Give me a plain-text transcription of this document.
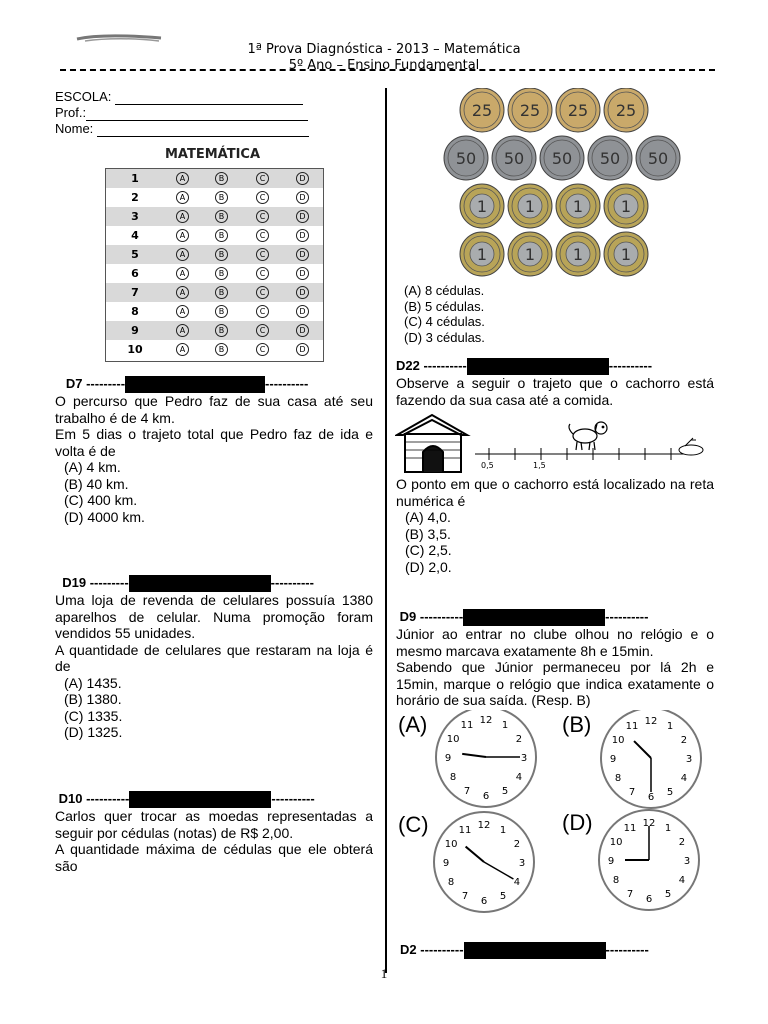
1ª Prova Diagnóstica - 2013 – Matemática
5º Ano – Ensino Fundamental
ESCOLA:
Prof.:
Nome:
MATEMÁTICA
1	A	B	C	D
2	A	B	C	D
3	A	B	C	D
4	A	B	C	D
5	A	B	C	D
6	A	B	C	D
7	A	B	C	D
8	A	B	C	D
9	A	B	C	D
10	A	B	C	D
D7 ---------	----------
O percurso que Pedro faz de sua casa até seu trabalho é de 4 km.
Em 5 dias o trajeto total que Pedro faz de ida e volta é de
(A) 4 km.
(B) 40 km.
(C) 400 km.
(D) 4000 km.
D19 ---------	----------
Uma loja de revenda de celulares possuía 1380 aparelhos de celular. Numa promoção foram vendidos 55 unidades.
A quantidade de celulares que restaram na loja é de
(A) 1435.
(B) 1380.
(C) 1335.
(D) 1325.
D10 ----------	----------
Carlos quer trocar as moedas representadas a seguir por cédulas (notas) de R$ 2,00.
A quantidade máxima de cédulas que ele obterá são
25 25 25 25
50 50 50 50 50
1 1 1 1
1 1 1 1
(A) 8 cédulas.
(B) 5 cédulas.
(C) 4 cédulas.
(D) 3 cédulas.
D22 ----------	----------
Observe a seguir o trajeto que o cachorro está fazendo da sua casa até a comida.
0,5	1,5
O ponto em que o cachorro está localizado na reta numérica é
(A) 4,0.
(B) 3,5.
(C) 2,5.
(D) 2,0.
D9 ----------	----------
Júnior ao entrar no clube olhou no relógio e o mesmo marcava exatamente 8h e 15min.
Sabendo que Júnior permaneceu por lá 2h e 15min, marque o relógio que indica exatamente o horário de sua saída. (Resp. B)
(A)	12 1
2
3
4
5
6
7
8
9
10
11	(B)	12 1
2
3
4
5
6
7
8
9
10
11
(C)	12 1
2
3
4
5
6
7
8
9
10
11	(D)	12 1
2
3
4
5
6
7
8
9
10
11
D2 ----------	----------
1
